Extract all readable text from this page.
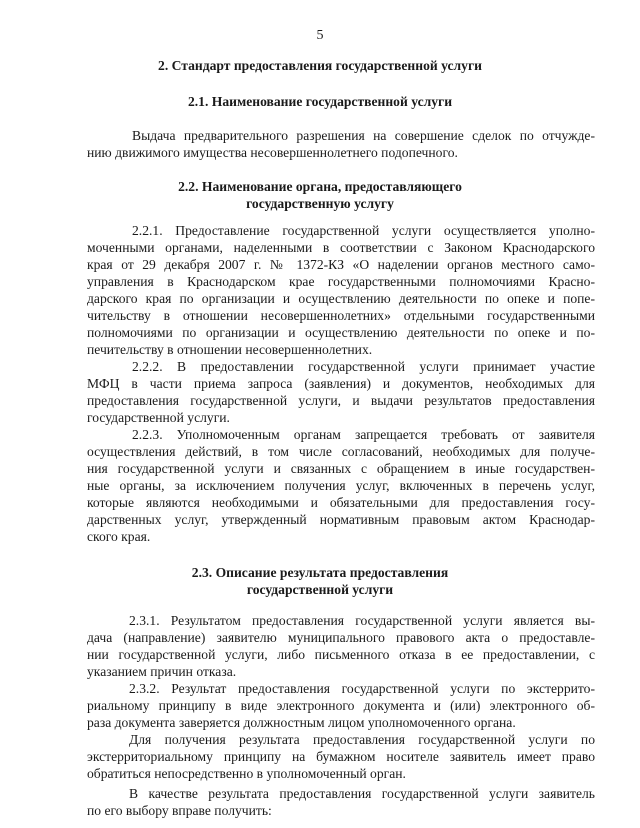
5
2. Стандарт предоставления государственной услуги
2.1. Наименование государственной услуги
Выдача предварительного разрешения на совершение сделок по отчужде-
нию движимого имущества несовершеннолетнего подопечного.
2.2. Наименование органа, предоставляющего
государственную услугу
2.2.1. Предоставление государственной услуги осуществляется уполно-
моченными органами, наделенными в соответствии с Законом Краснодарского
края от 29 декабря 2007 г. № 1372-КЗ «О наделении органов местного само-
управления в Краснодарском крае государственными полномочиями Красно-
дарского края по организации и осуществлению деятельности по опеке и попе-
чительству в отношении несовершеннолетних» отдельными государственными
полномочиями по организации и осуществлению деятельности по опеке и по-
печительству в отношении несовершеннолетних.
2.2.2. В предоставлении государственной услуги принимает участие
МФЦ в части приема запроса (заявления) и документов, необходимых для
предоставления государственной услуги, и выдачи результатов предоставления
государственной услуги.
2.2.3. Уполномоченным органам запрещается требовать от заявителя
осуществления действий, в том числе согласований, необходимых для получе-
ния государственной услуги и связанных с обращением в иные государствен-
ные органы, за исключением получения услуг, включенных в перечень услуг,
которые являются необходимыми и обязательными для предоставления госу-
дарственных услуг, утвержденный нормативным правовым актом Краснодар-
ского края.
2.3. Описание результата предоставления
государственной услуги
2.3.1. Результатом предоставления государственной услуги является вы-
дача (направление) заявителю муниципального правового акта о предоставле-
нии государственной услуги, либо письменного отказа в ее предоставлении, с
указанием причин отказа.
2.3.2. Результат предоставления государственной услуги по экстеррито-
риальному принципу в виде электронного документа и (или) электронного об-
раза документа заверяется должностным лицом уполномоченного органа.
Для получения результата предоставления государственной услуги по
экстерриториальному принципу на бумажном носителе заявитель имеет право
обратиться непосредственно в уполномоченный орган.
В качестве результата предоставления государственной услуги заявитель
по его выбору вправе получить:
